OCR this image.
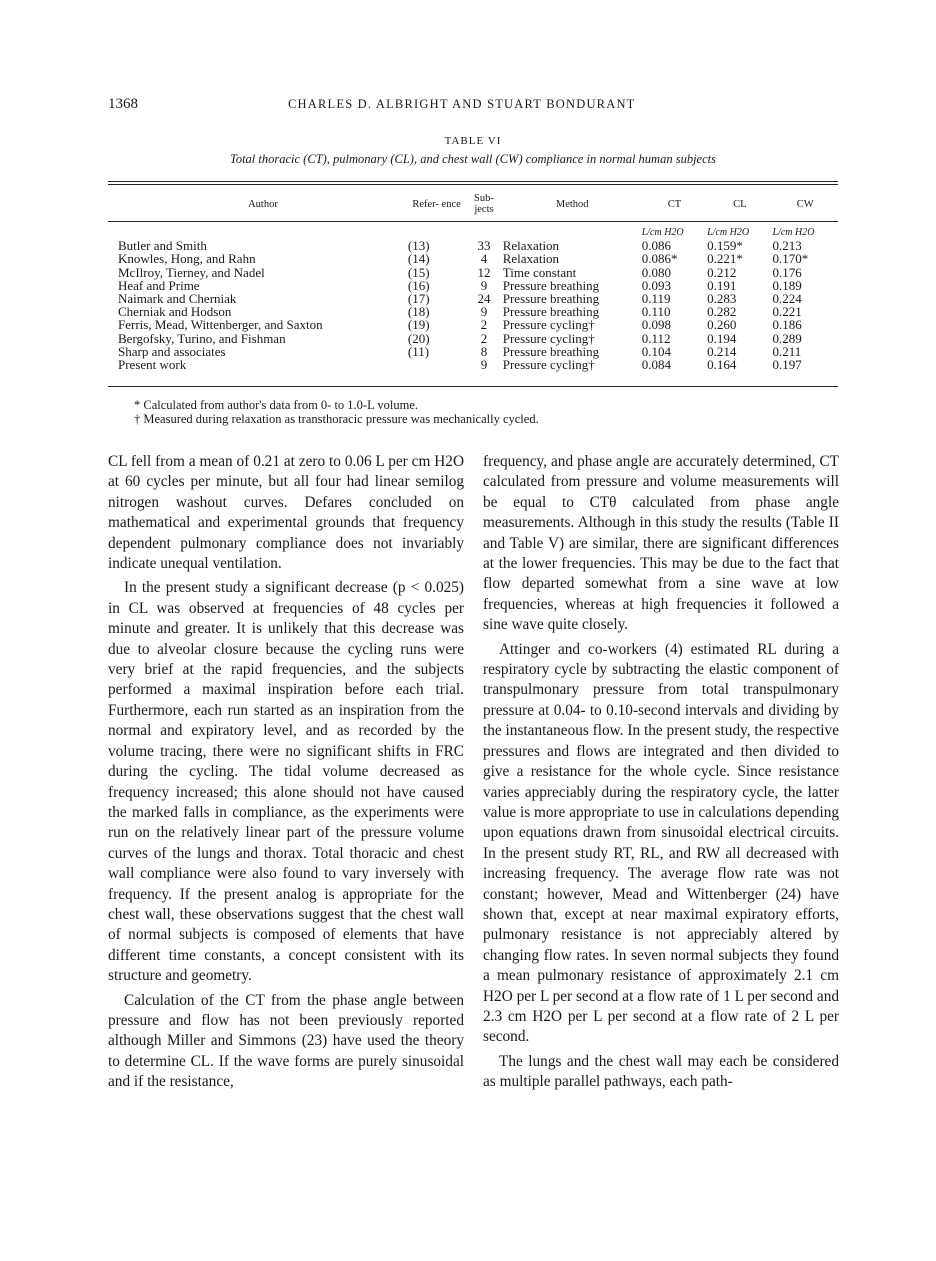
1368	CHARLES D. ALBRIGHT AND STUART BONDURANT
TABLE VI
Total thoracic (CT), pulmonary (CL), and chest wall (CW) compliance in normal human subjects
Author	Refer- ence	Sub- jects	Method	CT	CL	CW
				L/cm H2O	L/cm H2O	L/cm H2O
Butler and Smith	(13)	33	Relaxation	0.086	0.159*	0.213
Knowles, Hong, and Rahn	(14)	4	Relaxation	0.086*	0.221*	0.170*
McIlroy, Tierney, and Nadel	(15)	12	Time constant	0.080	0.212	0.176
Heaf and Prime	(16)	9	Pressure breathing	0.093	0.191	0.189
Naimark and Cherniak	(17)	24	Pressure breathing	0.119	0.283	0.224
Cherniak and Hodson	(18)	9	Pressure breathing	0.110	0.282	0.221
Ferris, Mead, Wittenberger, and Saxton	(19)	2	Pressure cycling†	0.098	0.260	0.186
Bergofsky, Turino, and Fishman	(20)	2	Pressure cycling†	0.112	0.194	0.289
Sharp and associates	(11)	8	Pressure breathing	0.104	0.214	0.211
Present work		9	Pressure cycling†	0.084	0.164	0.197
* Calculated from author's data from 0- to 1.0-L volume.
† Measured during relaxation as transthoracic pressure was mechanically cycled.

CL fell from a mean of 0.21 at zero to 0.06 L per cm H2O at 60 cycles per minute, but all four had linear semilog nitrogen washout curves. Defares concluded on mathematical and experimental grounds that frequency dependent pulmonary compliance does not invariably indicate unequal ventilation.

In the present study a significant decrease (p < 0.025) in CL was observed at frequencies of 48 cycles per minute and greater. It is unlikely that this decrease was due to alveolar closure because the cycling runs were very brief at the rapid frequencies, and the subjects performed a maximal inspiration before each trial. Furthermore, each run started as an inspiration from the normal and expiratory level, and as recorded by the volume tracing, there were no significant shifts in FRC during the cycling. The tidal volume decreased as frequency increased; this alone should not have caused the marked falls in compliance, as the experiments were run on the relatively linear part of the pressure volume curves of the lungs and thorax. Total thoracic and chest wall compliance were also found to vary inversely with frequency. If the present analog is appropriate for the chest wall, these observations suggest that the chest wall of normal subjects is composed of elements that have different time constants, a concept consistent with its structure and geometry.

Calculation of the CT from the phase angle between pressure and flow has not been previously reported although Miller and Simmons (23) have used the theory to determine CL. If the wave forms are purely sinusoidal and if the resistance,

frequency, and phase angle are accurately determined, CT calculated from pressure and volume measurements will be equal to CTθ calculated from phase angle measurements. Although in this study the results (Table II and Table V) are similar, there are significant differences at the lower frequencies. This may be due to the fact that flow departed somewhat from a sine wave at low frequencies, whereas at high frequencies it followed a sine wave quite closely.

Attinger and co-workers (4) estimated RL during a respiratory cycle by subtracting the elastic component of transpulmonary pressure from total transpulmonary pressure at 0.04- to 0.10-second intervals and dividing by the instantaneous flow. In the present study, the respective pressures and flows are integrated and then divided to give a resistance for the whole cycle. Since resistance varies appreciably during the respiratory cycle, the latter value is more appropriate to use in calculations depending upon equations drawn from sinusoidal electrical circuits. In the present study RT, RL, and RW all decreased with increasing frequency. The average flow rate was not constant; however, Mead and Wittenberger (24) have shown that, except at near maximal expiratory efforts, pulmonary resistance is not appreciably altered by changing flow rates. In seven normal subjects they found a mean pulmonary resistance of approximately 2.1 cm H2O per L per second at a flow rate of 1 L per second and 2.3 cm H2O per L per second at a flow rate of 2 L per second.

The lungs and the chest wall may each be considered as multiple parallel pathways, each path-
